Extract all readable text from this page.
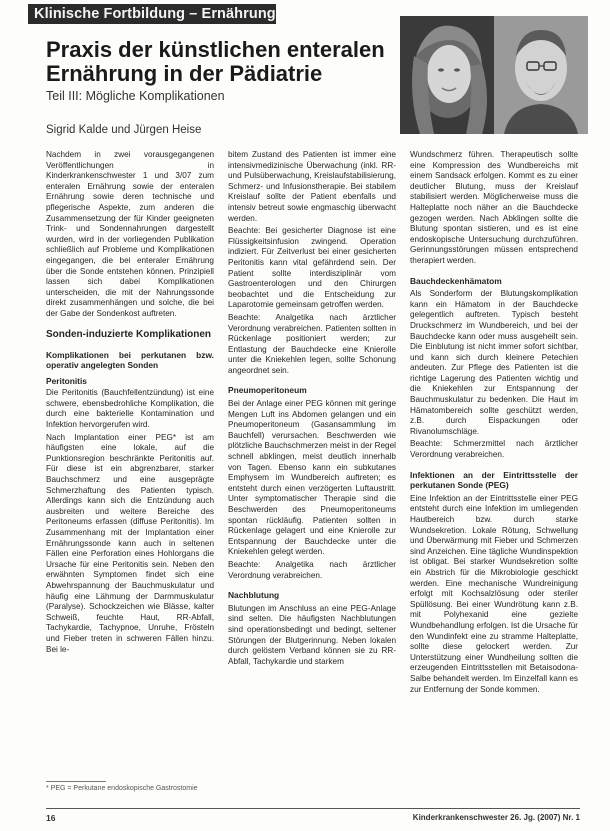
Klinische Fortbildung – Ernährung
Praxis der künstlichen enteralen Ernährung in der Pädiatrie
Teil III: Mögliche Komplikationen
Sigrid Kalde und Jürgen Heise

Nachdem in zwei vorausgegangenen Veröffentlichungen in Kinderkrankenschwester 1 und 3/07 zum enteralen Ernährung sowie der enteralen Ernährung sowie deren technische und pflegerische Aspekte, zum anderen die Zusammensetzung der für Kinder geeigneten Trink- und Sondennahrungen dargestellt wurden, wird in der vorliegenden Publikation schließlich auf Probleme und Komplikationen eingegangen, die bei enteraler Ernährung über die Sonde entstehen können. Prinzipiell lassen sich dabei Komplikationen unterscheiden, die mit der Nahrungssonde direkt zusammenhängen und solche, die bei der Gabe der Sondenkost auftreten.

Sonden-induzierte Komplikationen
Komplikationen bei perkutanen bzw. operativ angelegten Sonden
Peritonitis

Die Peritonitis (Bauchfellentzündung) ist eine schwere, ebensbedrohliche Komplikation, die durch eine bakterielle Kontamination und Infektion hervorgerufen wird.

Nach Implantation einer PEG* ist am häufigsten eine lokale, auf die Punktionsregion beschränkte Peritonitis auf. Für diese ist ein abgrenzbarer, starker Bauchschmerz und eine ausgeprägte Schmerzhaftung des Patienten typisch. Allerdings kann sich die Entzündung auch ausbreiten und weitere Bereiche des Peritoneums erfassen (diffuse Peritonitis). Im Zusammenhang mit der Implantation einer Ernährungssonde kann auch in seltenen Fällen eine Perforation eines Hohlorgans die Ursache für eine Peritonitis sein. Neben den erwähnten Symptomen findet sich eine Abwehrspannung der Bauchmuskulatur und häufig eine Lähmung der Darmmuskulatur (Paralyse). Schockzeichen wie Blässe, kalter Schweiß, feuchte Haut, RR-Abfall, Tachykardie, Tachypnoe, Unruhe, Frösteln und Fieber treten in schweren Fällen hinzu. Bei le-

bitem Zustand des Patienten ist immer eine intensivmedizinische Überwachung (inkl. RR- und Pulsüberwachung, Kreislaufstabilisierung, Schmerz- und Infusionstherapie. Bei stabilem Kreislauf sollte der Patient ebenfalls und intensiv betreut sowie engmaschig überwacht werden.

Beachte: Bei gesicherter Diagnose ist eine Flüssigkeitsinfusion zwingend. Operation indiziert. Für Zeitverlust bei einer gesicherten Peritonitis kann vital gefährdend sein. Der Patient sollte interdisziplinär vom Gastroenterologen und den Chirurgen beobachtet und die Entscheidung zur Laparotomie gemeinsam getroffen werden.

Beachte: Analgetika nach ärztlicher Verordnung verabreichen. Patienten sollten in Rückenlage positioniert werden; zur Entlastung der Bauchdecke eine Knierolle unter die Kniekehlen legen, sollte Schonung angeordnet sein.

Pneumoperitoneum

Bei der Anlage einer PEG können mit geringe Mengen Luft ins Abdomen gelangen und ein Pneumoperitoneum (Gasansammlung im Bauchfell) verursachen. Beschwerden wie plötzliche Bauchschmerzen meist in der Regel schnell abklingen, meist deutlich innerhalb von Tagen. Ebenso kann ein subkutanes Emphysem im Wundbereich auftreten; es entsteht durch einen verzögerten Luftaustritt. Unter symptomatischer Therapie sind die Beschwerden des Pneumoperitoneums spontan rückläufig. Patienten sollten in Rückenlage gelagert und eine Knierolle zur Entspannung der Bauchdecke unter die Kniekehlen gelegt werden.

Beachte: Analgetika nach ärztlicher Verordnung verabreichen.

Nachblutung

Blutungen im Anschluss an eine PEG-Anlage sind selten. Die häufigsten Nachblutungen sind operationsbedingt und bedingt, seltener Störungen der Blutgerinnung. Neben lokalen durch gelöstem Verband können sie zu RR-Abfall, Tachykardie und starkem

Wundschmerz führen. Therapeutisch sollte eine Kompression des Wundbereichs mit einem Sandsack erfolgen. Kommt es zu einer deutlicher Blutung, muss der Kreislauf stabilisiert werden. Möglicherweise muss die Halteplatte noch näher an die Bauchdecke gezogen werden. Nach Abklingen sollte die Blutung spontan sistieren, und es ist eine endoskopische Untersuchung durchzuführen. Gerinnungsstörungen müssen entsprechend therapiert werden.

Bauchdeckenhämatom

Als Sonderform der Blutungskomplikation kann ein Hämatom in der Bauchdecke gelegentlich auftreten. Typisch besteht Druckschmerz im Wundbereich, und bei der Bauchdecke kann oder muss ausgeheilt sein. Die Einblutung ist nicht immer sofort sichtbar, und kann sich durch kleinere Petechien andeuten. Zur Pflege des Patienten ist die richtige Lagerung des Patienten wichtig und die Kniekehlen zur Entspannung der Bauchmuskulatur zu bedenken. Die Haut im Hämatombereich sollte geschützt werden, z.B. durch Eispackungen oder Rivanolumschläge.

Beachte: Schmerzmittel nach ärztlicher Verordnung verabreichen.

Infektionen an der Eintrittsstelle der perkutanen Sonde (PEG)

Eine Infektion an der Eintrittsstelle einer PEG entsteht durch eine Infektion im umliegenden Hautbereich bzw. durch starke Wundsekretion. Lokale Rötung, Schwellung und Überwärmung mit Fieber und Schmerzen sind Anzeichen. Eine tägliche Wundinspektion ist obligat. Bei starker Wundsekretion sollte ein Abstrich für die Mikrobiologie geschickt werden. Eine mechanische Wundreinigung erfolgt mit Kochsalzlösung oder steriler Spüllösung. Bei einer Wundrötung kann z.B. mit Polyhexanid eine gezielte Wundbehandlung erfolgen. Ist die Ursache für den Wundinfekt eine zu stramme Halteplatte, sollte diese gelockert werden. Zur Unterstützung einer Wundheilung sollten die erzeugenden Eintrittsstellen mit Betaisodona-Salbe behandelt werden. Im Einzelfall kann es zur Entfernung der Sonde kommen.

* PEG = Perkutane endoskopische Gastrostomie
16	Kinderkrankenschwester 26. Jg. (2007) Nr. 1
